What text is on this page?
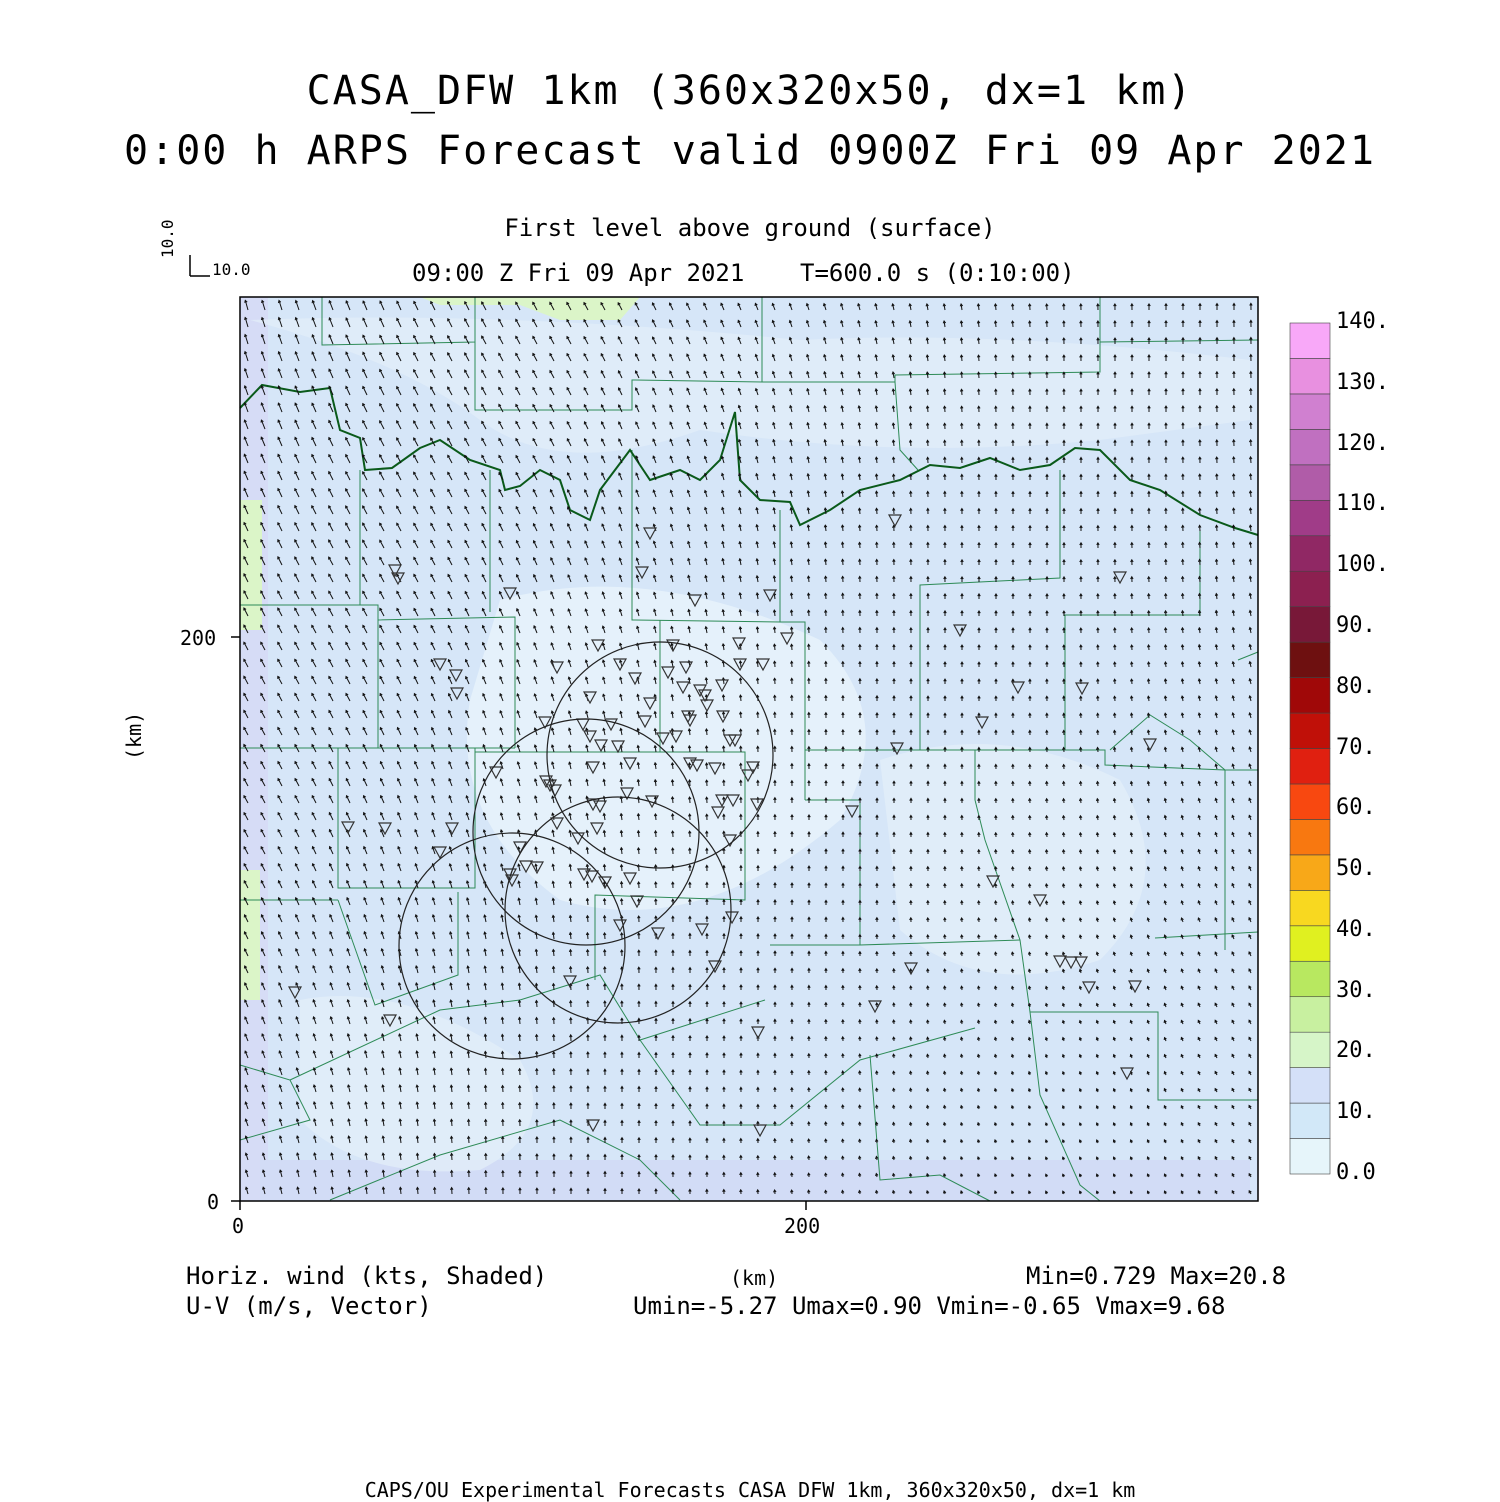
CASA_DFW 1km (360x320x50, dx=1 km)
0:00 h ARPS Forecast valid 0900Z Fri 09 Apr 2021
First level above ground (surface)
09:00 Z Fri 09 Apr 2021 T=600.0 s (0:10:00)
10.0
10.0
0
200
0	200
(km)
(km)
Horiz. wind (kts, Shaded)
U-V (m/s, Vector)
Min=0.729 Max=20.8
Umin=-5.27 Umax=0.90 Vmin=-0.65 Vmax=9.68
CAPS/OU Experimental Forecasts CASA DFW 1km, 360x320x50, dx=1 km
0.0
10.
20.
30.
40.
50.
60.
70.
80.
90.
100.
110.
120.
130.
140.
